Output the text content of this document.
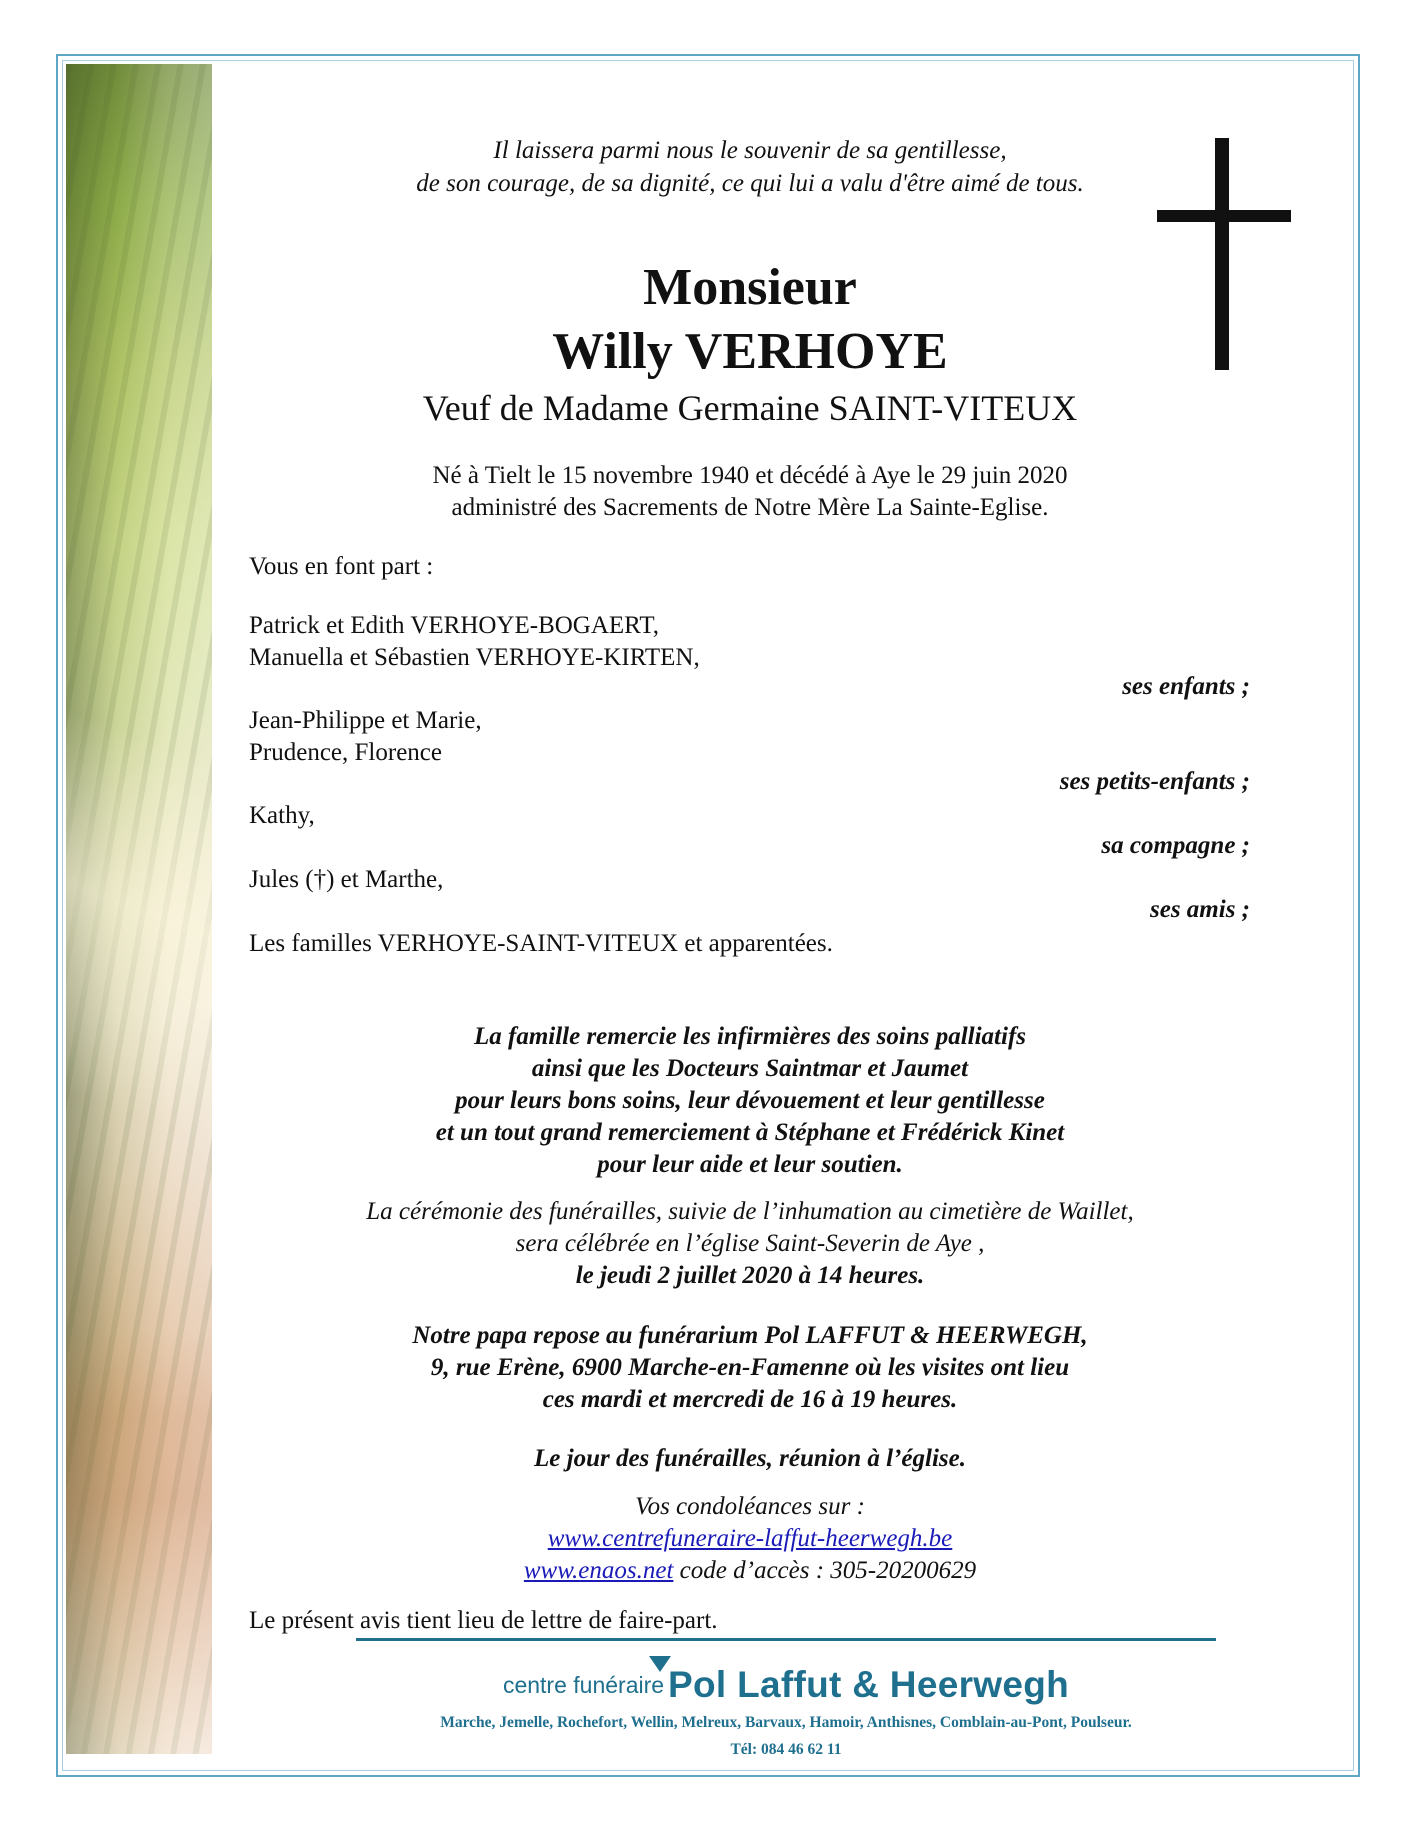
Il laissera parmi nous le souvenir de sa gentillesse,
de son courage, de sa dignité, ce qui lui a valu d'être aimé de tous.
Monsieur
Willy VERHOYE
Veuf de Madame Germaine SAINT-VITEUX
Né à Tielt le 15 novembre 1940 et décédé à Aye le 29 juin 2020
administré des Sacrements de Notre Mère La Sainte-Eglise.
Vous en font part :
Patrick et Edith VERHOYE-BOGAERT,
Manuella et Sébastien VERHOYE-KIRTEN,
ses enfants ;
Jean-Philippe et Marie,
Prudence, Florence
ses petits-enfants ;
Kathy,
sa compagne ;
Jules (†) et Marthe,
ses amis ;
Les familles VERHOYE-SAINT-VITEUX et apparentées.
La famille remercie les infirmières des soins palliatifs
ainsi que les Docteurs Saintmar et Jaumet
pour leurs bons soins, leur dévouement et leur gentillesse
et un tout grand remerciement à Stéphane et Frédérick Kinet
pour leur aide et leur soutien.
La cérémonie des funérailles, suivie de l’inhumation au cimetière de Waillet,
sera célébrée en l’église Saint-Severin de Aye ,
le jeudi 2 juillet 2020 à 14 heures.
Notre papa repose au funérarium Pol LAFFUT & HEERWEGH,
9, rue Erène, 6900 Marche-en-Famenne où les visites ont lieu
ces mardi et mercredi de 16 à 19 heures.
Le jour des funérailles, réunion à l’église.
Vos condoléances sur :
www.centrefuneraire-laffut-heerwegh.be
www.enaos.net code d’accès : 305-20200629
Le présent avis tient lieu de lettre de faire-part.
centre funéraire Pol Laffut & Heerwegh
Marche, Jemelle, Rochefort, Wellin, Melreux, Barvaux, Hamoir, Anthisnes, Comblain-au-Pont, Poulseur.
Tél: 084 46 62 11
